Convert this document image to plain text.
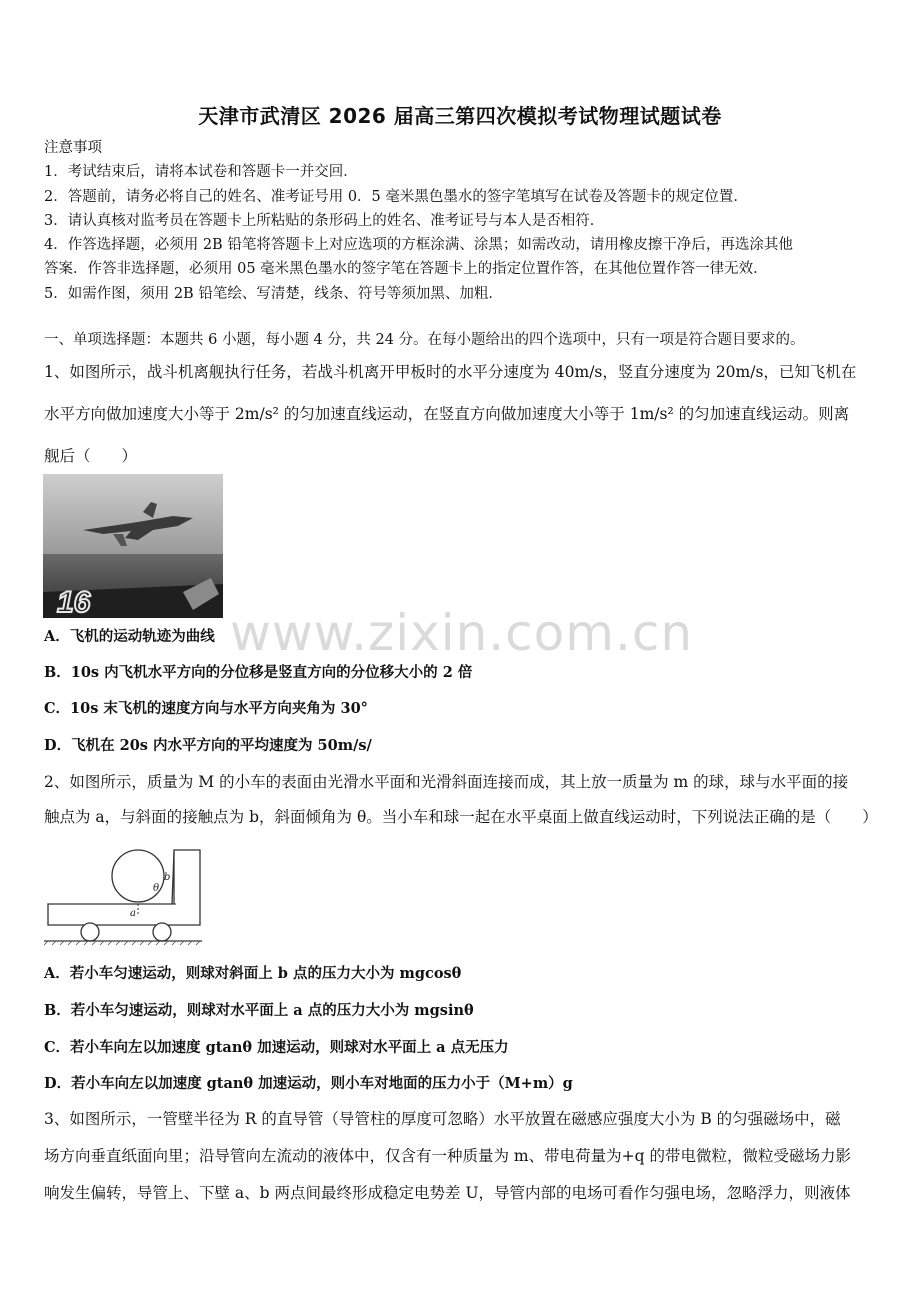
天津市武清区 2026 届高三第四次模拟考试物理试题试卷
注意事项
1．考试结束后，请将本试卷和答题卡一并交回．
2．答题前，请务必将自己的姓名、准考证号用 0．5 毫米黑色墨水的签字笔填写在试卷及答题卡的规定位置．
3．请认真核对监考员在答题卡上所粘贴的条形码上的姓名、准考证号与本人是否相符．
4．作答选择题，必须用 2B 铅笔将答题卡上对应选项的方框涂满、涂黑；如需改动，请用橡皮擦干净后，再选涂其他
答案．作答非选择题，必须用 05 毫米黑色墨水的签字笔在答题卡上的指定位置作答，在其他位置作答一律无效．
5．如需作图，须用 2B 铅笔绘、写清楚，线条、符号等须加黑、加粗．
一、单项选择题：本题共 6 小题，每小题 4 分，共 24 分。在每小题给出的四个选项中，只有一项是符合题目要求的。
1、如图所示，战斗机离舰执行任务，若战斗机离开甲板时的水平分速度为 40m/s，竖直分速度为 20m/s，已知飞机在
水平方向做加速度大小等于 2m/s² 的匀加速直线运动，在竖直方向做加速度大小等于 1m/s² 的匀加速直线运动。则离
舰后（　　）
16
www.zixin.com.cn
A．飞机的运动轨迹为曲线
B．10s 内飞机水平方向的分位移是竖直方向的分位移大小的 2 倍
C．10s 末飞机的速度方向与水平方向夹角为 30°
D．飞机在 20s 内水平方向的平均速度为 50m/s/
2、如图所示，质量为 M 的小车的表面由光滑水平面和光滑斜面连接而成，其上放一质量为 m 的球，球与水平面的接
触点为 a，与斜面的接触点为 b，斜面倾角为 θ。当小车和球一起在水平桌面上做直线运动时，下列说法正确的是（　　）
b
θ
a
A．若小车匀速运动，则球对斜面上 b 点的压力大小为 mgcosθ
B．若小车匀速运动，则球对水平面上 a 点的压力大小为 mgsinθ
C．若小车向左以加速度 gtanθ 加速运动，则球对水平面上 a 点无压力
D．若小车向左以加速度 gtanθ 加速运动，则小车对地面的压力小于（M+m）g
3、如图所示，一管壁半径为 R 的直导管（导管柱的厚度可忽略）水平放置在磁感应强度大小为 B 的匀强磁场中，磁
场方向垂直纸面向里；沿导管向左流动的液体中，仅含有一种质量为 m、带电荷量为+q 的带电微粒，微粒受磁场力影
响发生偏转，导管上、下壁 a、b 两点间最终形成稳定电势差 U，导管内部的电场可看作匀强电场，忽略浮力，则液体
